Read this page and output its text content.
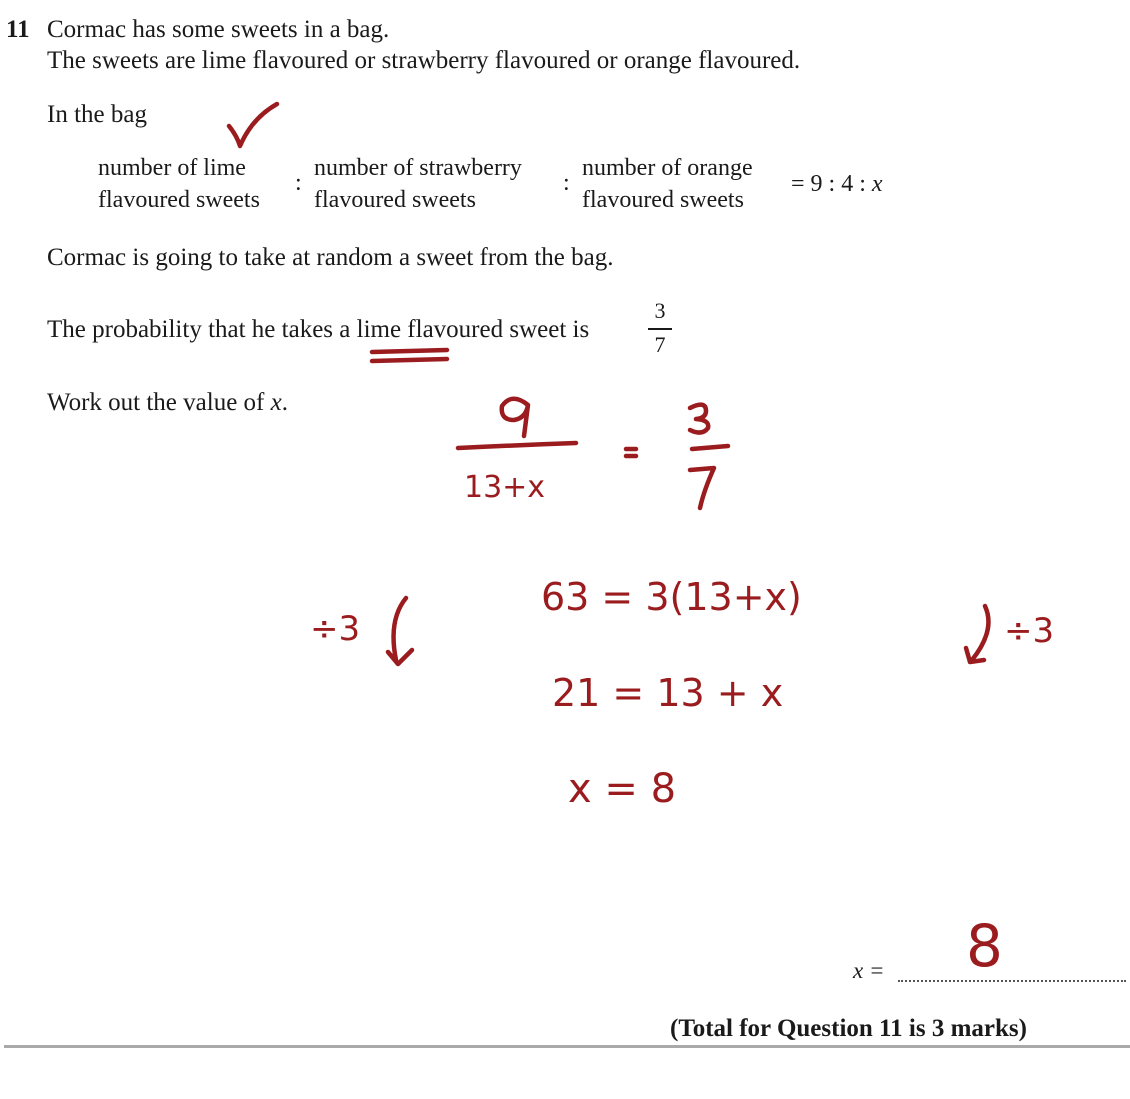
11 Cormac has some sweets in a bag.
The sweets are lime flavoured or strawberry flavoured or orange flavoured.
In the bag
number of lime
flavoured sweets
:
number of strawberry
flavoured sweets
:
number of orange
flavoured sweets
= 9 : 4 : x
Cormac is going to take at random a sweet from the bag.
The probability that he takes a lime flavoured sweet is
3
7
Work out the value of x.
x =
(Total for Question 11 is 3 marks)
13+x
63 = 3(13+x)
÷3	÷3
21 = 13 + x
x = 8
8
